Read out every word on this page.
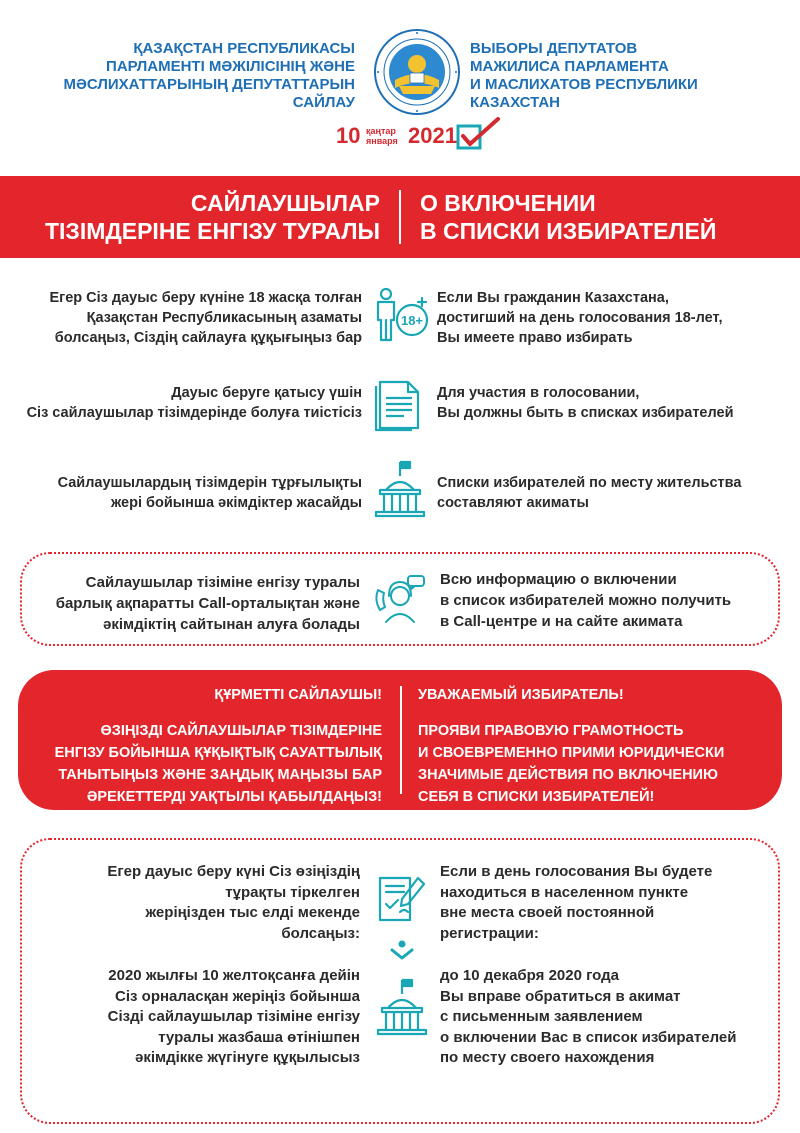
ҚАЗАҚСТАН РЕСПУБЛИКАСЫ
ПАРЛАМЕНТІ МӘЖІЛІСІНІҢ ЖӘНЕ
МӘСЛИХАТТАРЫНЫҢ ДЕПУТАТТАРЫН САЙЛАУ
ВЫБОРЫ ДЕПУТАТОВ
МАЖИЛИСА ПАРЛАМЕНТА
И МАСЛИХАТОВ РЕСПУБЛИКИ КАЗАХСТАН
10 қаңтар
января 2021
САЙЛАУШЫЛАР
ТІЗІМДЕРІНЕ ЕНГІЗУ ТУРАЛЫ
О ВКЛЮЧЕНИИ
В СПИСКИ ИЗБИРАТЕЛЕЙ
Егер Сіз дауыс беру күніне 18 жасқа толған
Қазақстан Республикасының азаматы
болсаңыз, Сіздің сайлауға құқығыңыз бар
18+
Если Вы гражданин Казахстана,
достигший на день голосования 18-лет,
Вы имеете право избирать
Дауыс беруге қатысу үшін
Сіз сайлаушылар тізімдерінде болуға тиістісіз
Для участия в голосовании,
Вы должны быть в списках избирателей
Сайлаушылардың тізімдерін тұрғылықты
жері бойынша әкімдіктер жасайды
Списки избирателей по месту жительства
составляют акиматы
Сайлаушылар тізіміне енгізу туралы
барлық ақпаратты Call-орталықтан және
әкімдіктің сайтынан алуға болады
Всю информацию о включении
в список избирателей можно получить
в Call-центре и на сайте акимата
ҚҰРМЕТТІ САЙЛАУШЫ! УВАЖАЕМЫЙ ИЗБИРАТЕЛЬ!
ӨЗІҢІЗДІ САЙЛАУШЫЛАР ТІЗІМДЕРІНЕ
ЕНГІЗУ БОЙЫНША ҚҰҚЫҚТЫҚ САУАТТЫЛЫҚ
ТАНЫТЫҢЫЗ ЖӘНЕ ЗАҢДЫҚ МАҢЫЗЫ БАР
ӘРЕКЕТТЕРДІ УАҚТЫЛЫ ҚАБЫЛДАҢЫЗ!
ПРОЯВИ ПРАВОВУЮ ГРАМОТНОСТЬ
И СВОЕВРЕМЕННО ПРИМИ ЮРИДИЧЕСКИ
ЗНАЧИМЫЕ ДЕЙСТВИЯ ПО ВКЛЮЧЕНИЮ
СЕБЯ В СПИСКИ ИЗБИРАТЕЛЕЙ!
Егер дауыс беру күні Сіз өзіңіздің
тұрақты тіркелген
жеріңізден тыс елді мекенде
болсаңыз:
Если в день голосования Вы будете
находиться в населенном пункте
вне места своей постоянной
регистрации:
2020 жылғы 10 желтоқсанға дейін
Сіз орналасқан жеріңіз бойынша
Сізді сайлаушылар тізіміне енгізу
туралы жазбаша өтінішпен
әкімдікке жүгінуге құқылысыз
до 10 декабря 2020 года
Вы вправе обратиться в акимат
с письменным заявлением
о включении Вас в список избирателей
по месту своего нахождения
